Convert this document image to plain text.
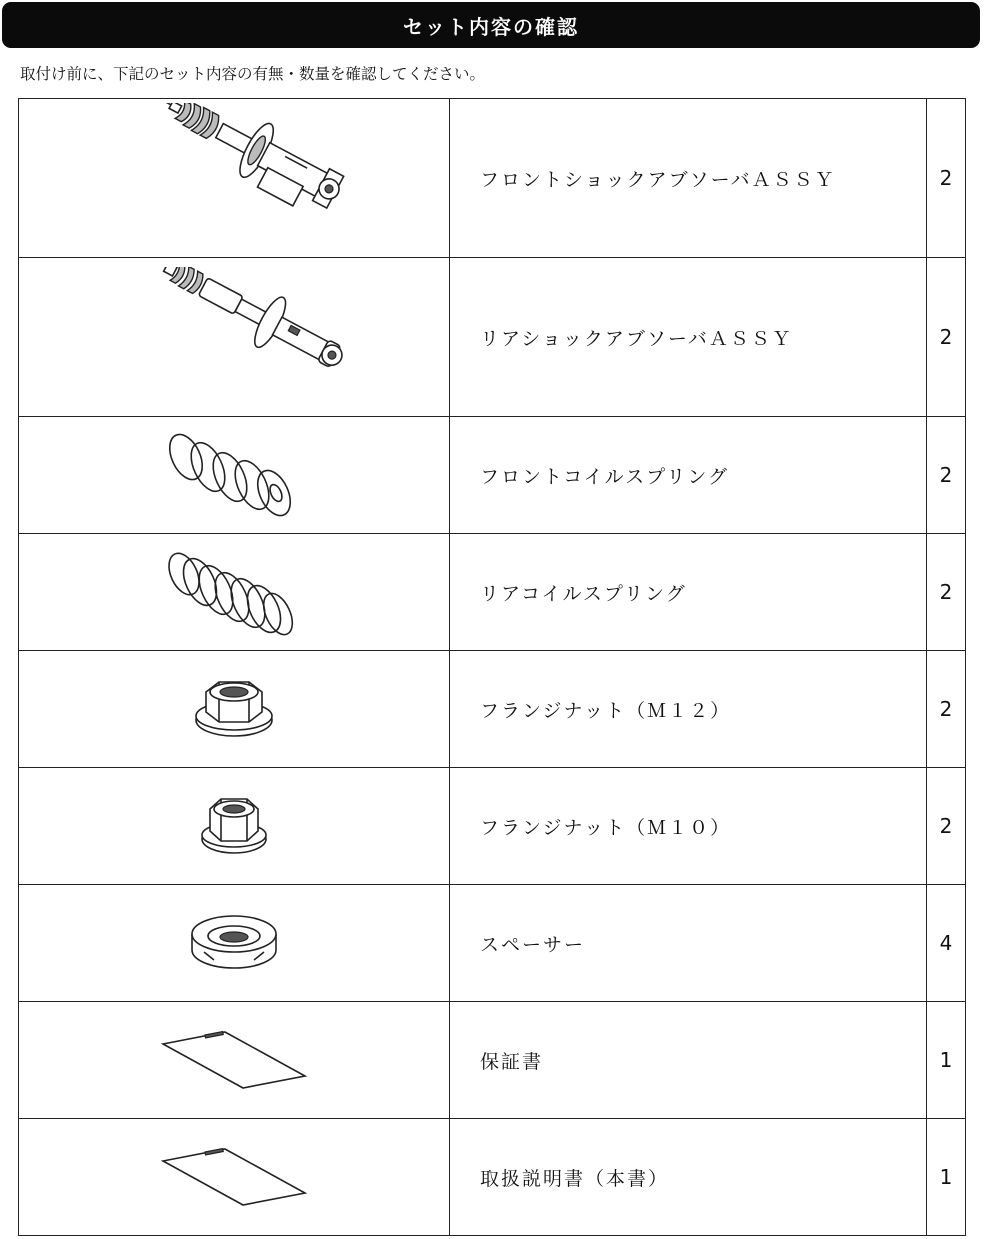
セット内容の確認
取付け前に、下記のセット内容の有無・数量を確認してください。
	フロントショックアブソーバＡＳＳＹ	2

	リアショックアブソーバＡＳＳＹ	2

	フロントコイルスプリング	2

	リアコイルスプリング	2

	フランジナット（Ｍ１２）	2

	フランジナット（Ｍ１０）	2

	スペーサー	4

	保証書	1

	取扱説明書（本書）	1
